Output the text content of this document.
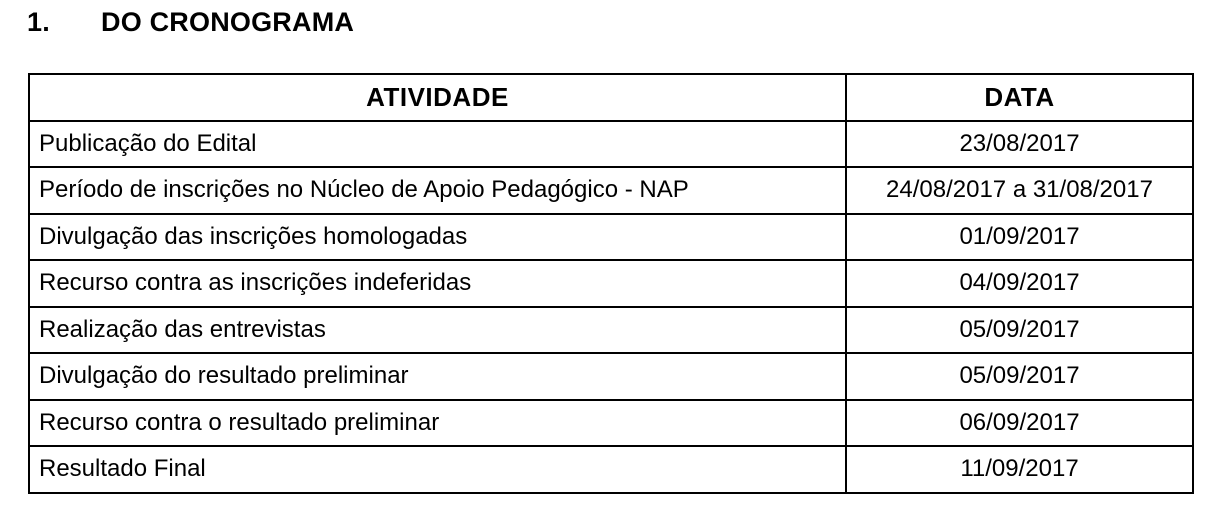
1.	DO CRONOGRAMA
ATIVIDADE	DATA
Publicação do Edital	23/08/2017
Período de inscrições no Núcleo de Apoio Pedagógico - NAP	24/08/2017 a 31/08/2017
Divulgação das inscrições homologadas	01/09/2017
Recurso contra as inscrições indeferidas	04/09/2017
Realização das entrevistas	05/09/2017
Divulgação do resultado preliminar	05/09/2017
Recurso contra o resultado preliminar	06/09/2017
Resultado Final	11/09/2017
